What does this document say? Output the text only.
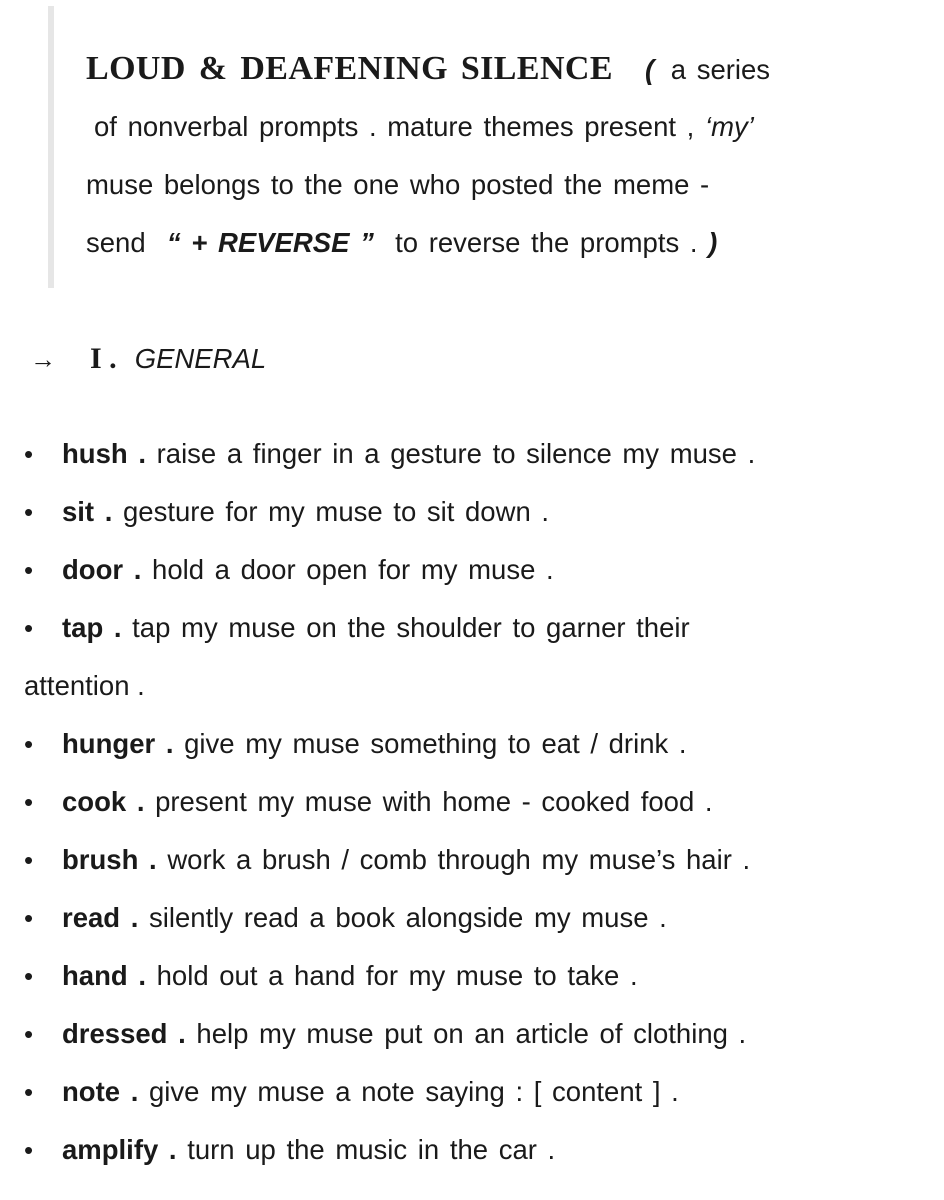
LOUD & DEAFENING SILENCE ( a series
of nonverbal prompts . mature themes present , ‘my’
muse belongs to the one who posted the meme -
send “ + REVERSE ” to reverse the prompts . )
→ I . GENERAL
• hush . raise a finger in a gesture to silence my muse .
• sit . gesture for my muse to sit down .
• door . hold a door open for my muse .
• tap . tap my muse on the shoulder to garner their
attention .
• hunger . give my muse something to eat / drink .
• cook . present my muse with home - cooked food .
• brush . work a brush / comb through my muse’s hair .
• read . silently read a book alongside my muse .
• hand . hold out a hand for my muse to take .
• dressed . help my muse put on an article of clothing .
• note . give my muse a note saying : [ content ] .
• amplify . turn up the music in the car .
